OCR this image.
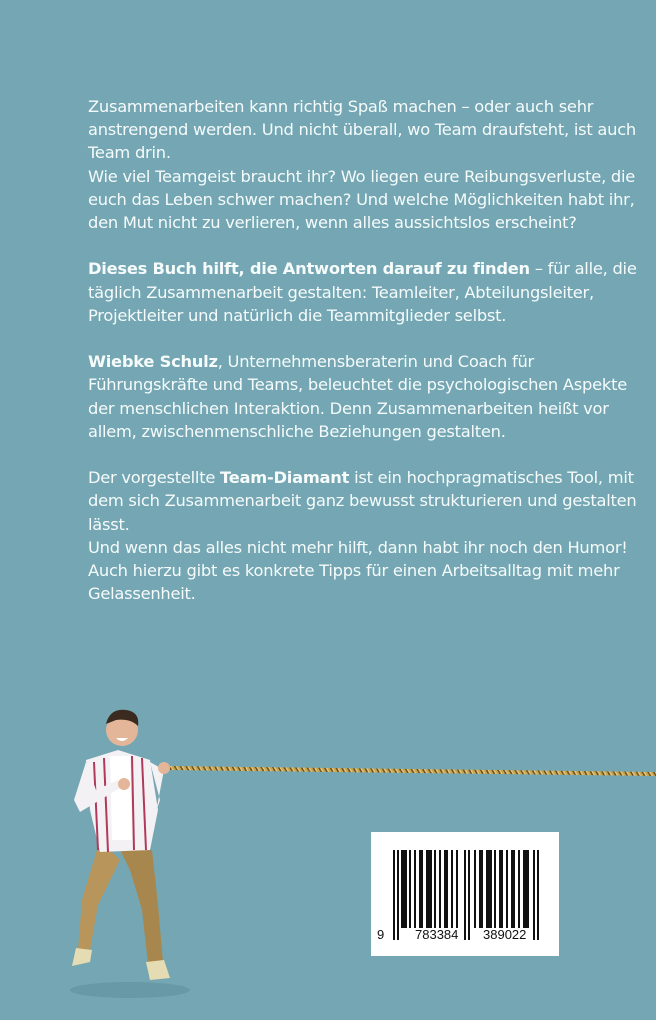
Zusammenarbeiten kann richtig Spaß machen – oder auch sehr anstrengend werden. Und nicht überall, wo Team draufsteht, ist auch Team drin.
Wie viel Teamgeist braucht ihr? Wo liegen eure Reibungsverluste, die euch das Leben schwer machen? Und welche Möglichkeiten habt ihr, den Mut nicht zu verlieren, wenn alles aussichtslos erscheint?

Dieses Buch hilft, die Antworten darauf zu finden – für alle, die täglich Zusammenarbeit gestalten: Teamleiter, Abteilungsleiter, Projektleiter und natürlich die Teammitglieder selbst.

Wiebke Schulz, Unternehmensberaterin und Coach für Führungskräfte und Teams, beleuchtet die psychologischen Aspekte der menschlichen Interaktion. Denn Zusammenarbeiten heißt vor allem, zwischenmenschliche Beziehungen gestalten.

Der vorgestellte Team-Diamant ist ein hochpragmatisches Tool, mit dem sich Zusammenarbeit ganz bewusst strukturieren und gestalten lässt.
Und wenn das alles nicht mehr hilft, dann habt ihr noch den Humor! Auch hierzu gibt es konkrete Tipps für einen Arbeitsalltag mit mehr Gelassenheit.

9 783384 389022
